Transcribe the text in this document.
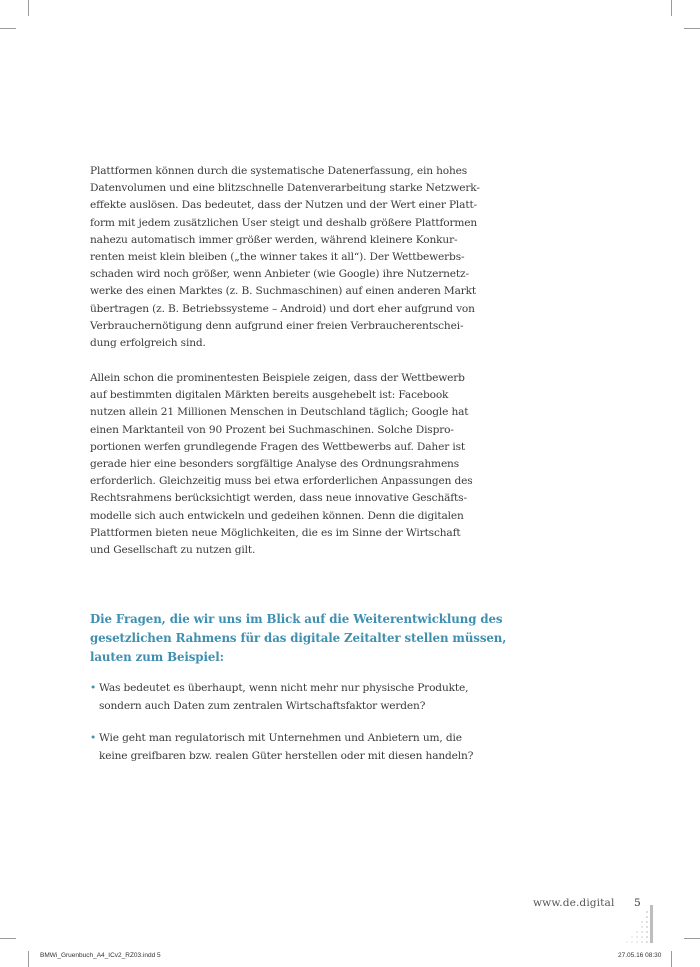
Plattformen können durch die systematische Datenerfassung, ein hohes
Datenvolumen und eine blitzschnelle Datenverarbeitung starke Netzwerk-
effekte auslösen. Das bedeutet, dass der Nutzen und der Wert einer Platt-
form mit jedem zusätzlichen User steigt und deshalb größere Plattformen
nahezu automatisch immer größer werden, während kleinere Konkur-
renten meist klein bleiben („the winner takes it all“). Der Wettbewerbs-
schaden wird noch größer, wenn Anbieter (wie Google) ihre Nutzernetz-
werke des einen Marktes (z. B. Suchmaschinen) auf einen anderen Markt
übertragen (z. B. Betriebssysteme – Android) und dort eher aufgrund von
Verbrauchernötigung denn aufgrund einer freien Verbraucherentschei-
dung erfolgreich sind.

Allein schon die prominentesten Beispiele zeigen, dass der Wettbewerb
auf bestimmten digitalen Märkten bereits ausgehebelt ist: Facebook
nutzen allein 21 Millionen Menschen in Deutschland täglich; Google hat
einen Marktanteil von 90 Prozent bei Suchmaschinen. Solche Dispro-
portionen werfen grundlegende Fragen des Wettbewerbs auf. Daher ist
gerade hier eine besonders sorgfältige Analyse des Ordnungsrahmens
erforderlich. Gleichzeitig muss bei etwa erforderlichen Anpassungen des
Rechtsrahmens berücksichtigt werden, dass neue innovative Geschäfts-
modelle sich auch entwickeln und gedeihen können. Denn die digitalen
Plattformen bieten neue Möglichkeiten, die es im Sinne der Wirtschaft
und Gesellschaft zu nutzen gilt.

Die Fragen, die wir uns im Blick auf die Weiterentwicklung des
gesetzlichen Rahmens für das digitale Zeitalter stellen müssen,
lauten zum Beispiel:
• Was bedeutet es überhaupt, wenn nicht mehr nur physische Produkte,
sondern auch Daten zum zentralen Wirtschaftsfaktor werden?
• Wie geht man regulatorisch mit Unternehmen und Anbietern um, die
keine greifbaren bzw. realen Güter herstellen oder mit diesen handeln?
www.de.digital 5
BMWi_Gruenbuch_A4_ICv2_RZ03.indd 5	27.05.16 08:30
